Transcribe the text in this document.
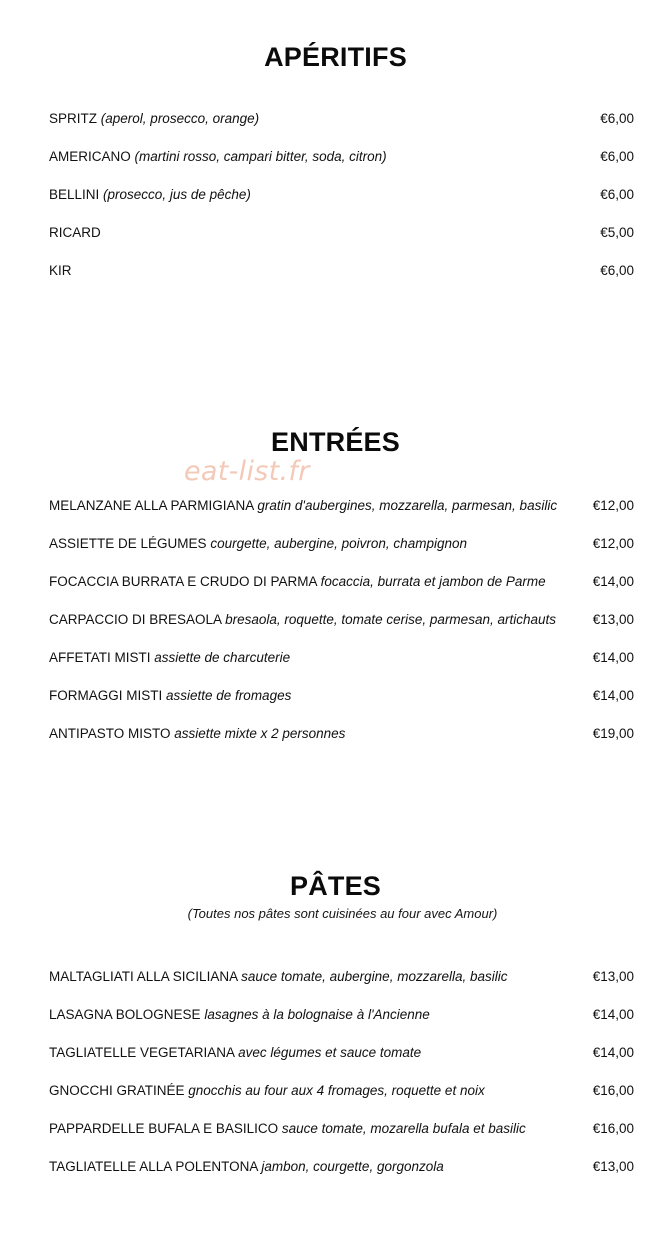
APÉRITIFS
SPRITZ (aperol, prosecco, orange)	€6,00
AMERICANO (martini rosso, campari bitter, soda, citron)	€6,00
BELLINI (prosecco, jus de pêche)	€6,00
RICARD	€5,00
KIR	€6,00
ENTRÉES
eat-list.fr
MELANZANE ALLA PARMIGIANA gratin d'aubergines, mozzarella, parmesan, basilic	€12,00
ASSIETTE DE LÉGUMES courgette, aubergine, poivron, champignon	€12,00
FOCACCIA BURRATA E CRUDO DI PARMA focaccia, burrata et jambon de Parme	€14,00
CARPACCIO DI BRESAOLA bresaola, roquette, tomate cerise, parmesan, artichauts	€13,00
AFFETATI MISTI assiette de charcuterie	€14,00
FORMAGGI MISTI assiette de fromages	€14,00
ANTIPASTO MISTO assiette mixte x 2 personnes	€19,00
PÂTES

(Toutes nos pâtes sont cuisinées au four avec Amour)

MALTAGLIATI ALLA SICILIANA sauce tomate, aubergine, mozzarella, basilic	€13,00
LASAGNA BOLOGNESE lasagnes à la bolognaise à l'Ancienne	€14,00
TAGLIATELLE VEGETARIANA avec légumes et sauce tomate	€14,00
GNOCCHI GRATINÉE gnocchis au four aux 4 fromages, roquette et noix	€16,00
PAPPARDELLE BUFALA E BASILICO sauce tomate, mozarella bufala et basilic	€16,00
TAGLIATELLE ALLA POLENTONA jambon, courgette, gorgonzola	€13,00
